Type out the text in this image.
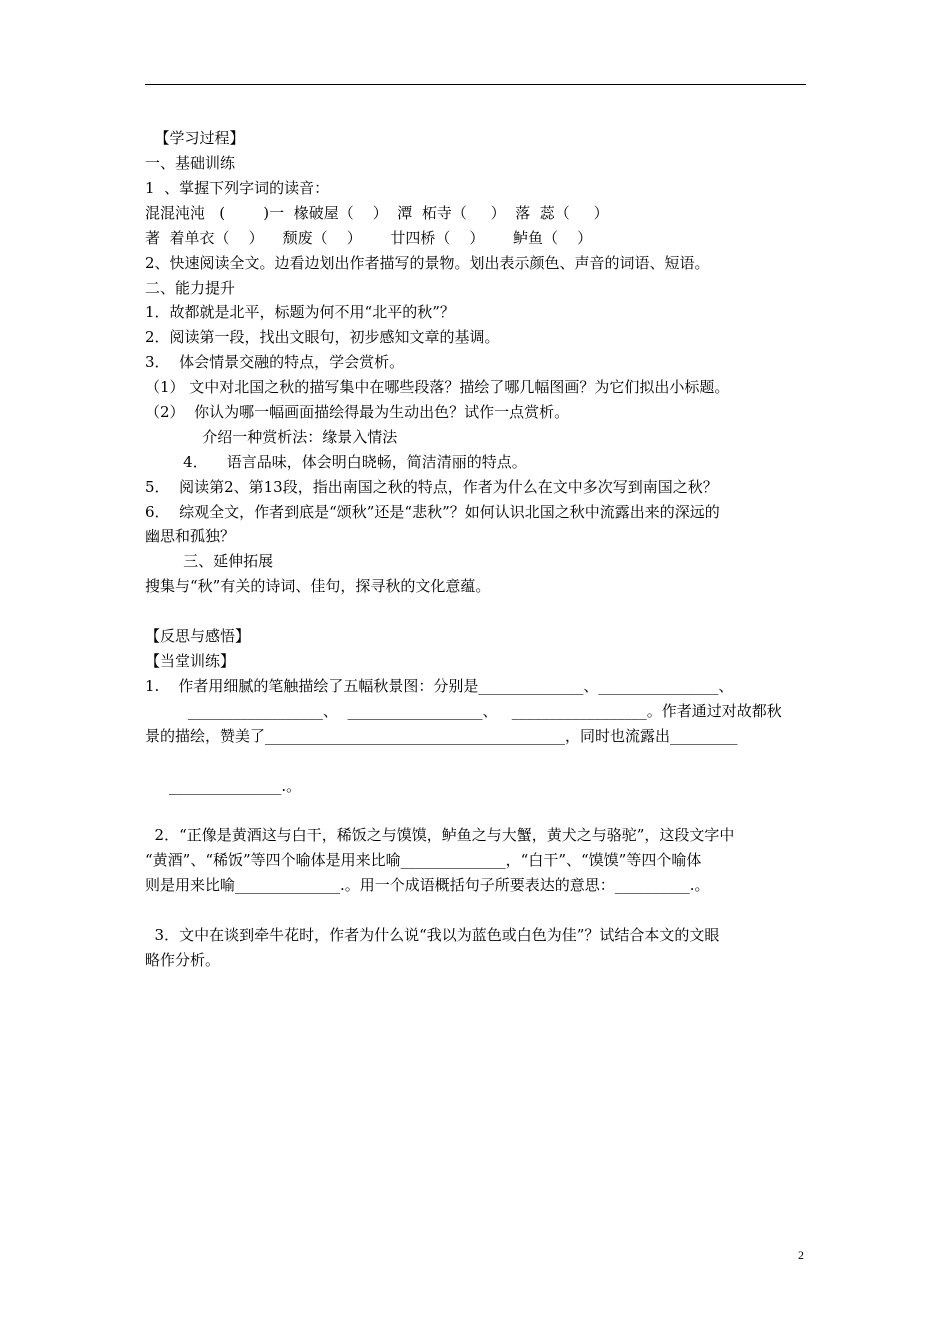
【学习过程】
一、基础训练
1  、掌握下列字词的读音：
混混沌沌   (        )一  椽破屋（    ）  潭  柘寺（     ）  落  蕊（     ）
著  着单衣（    ）    颓废（    ）      廿四桥（    ）      鲈鱼（    ）
2、快速阅读全文。边看边划出作者描写的景物。划出表示颜色、声音的词语、短语。
二、能力提升
1．故都就是北平，标题为何不用“北平的秋”？
2．阅读第一段，找出文眼句，初步感知文章的基调。
3．  体会情景交融的特点，学会赏析。
（1） 文中对北国之秋的描写集中在哪些段落？描绘了哪几幅图画？为它们拟出小标题。
（2）  你认为哪一幅画面描绘得最为生动出色？试作一点赏析。
介绍一种赏析法：缘景入情法
4．    语言品味，体会明白晓畅，简洁清丽的特点。
5．  阅读第2、第13段，指出南国之秋的特点，作者为什么在文中多次写到南国之秋？
6．  综观全文，作者到底是“颂秋”还是“悲秋”？如何认识北国之秋中流露出来的深远的
幽思和孤独？
三、延伸拓展
搜集与“秋”有关的诗词、佳句，探寻秋的文化意蕴。
【反思与感悟】
【当堂训练】
1.    作者用细腻的笔触描绘了五幅秋景图：分别是______________、________________、
__________________、  __________________、   __________________。作者通过对故都秋
景的描绘，赞美了________________________________________，同时也流露出_________
_______________.。
2．“正像是黄酒这与白干，稀饭之与馍馍，鲈鱼之与大蟹，黄犬之与骆驼”，这段文字中
“黄酒”、“稀饭”等四个喻体是用来比喻______________，“白干”、“馍馍”等四个喻体
则是用来比喻______________.。用一个成语概括句子所要表达的意思：__________.。
3．文中在谈到牵牛花时，作者为什么说“我以为蓝色或白色为佳”？试结合本文的文眼
略作分析。
2
